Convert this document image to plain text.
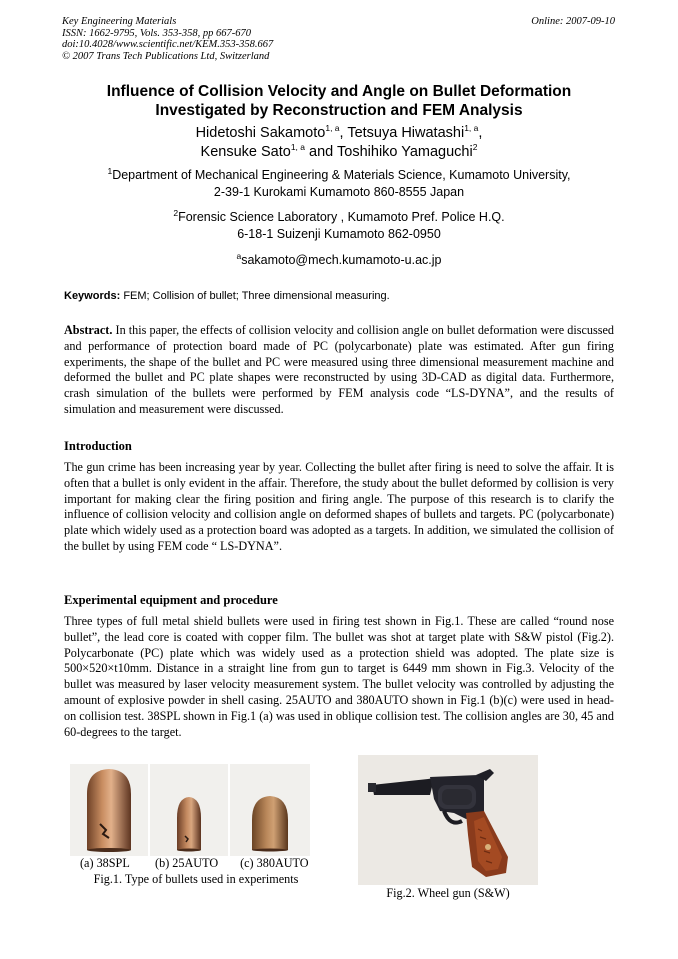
Key Engineering Materials
ISSN: 1662-9795, Vols. 353-358, pp 667-670
doi:10.4028/www.scientific.net/KEM.353-358.667
© 2007 Trans Tech Publications Ltd, Switzerland
Online: 2007-09-10
Influence of Collision Velocity and Angle on Bullet Deformation
Investigated by Reconstruction and FEM Analysis
Hidetoshi Sakamoto$^{1, a}$, Tetsuya Hiwatashi$^{1, a}$,
Kensuke Sato$^{1, a}$ and Toshihiko Yamaguchi$^2$
$^1$Department of Mechanical Engineering & Materials Science, Kumamoto University,
2-39-1 Kurokami Kumamoto 860-8555 Japan
$^2$Forensic Science Laboratory , Kumamoto Pref. Police H.Q.
6-18-1 Suizenji Kumamoto 862-0950
$^a$sakamoto@mech.kumamoto-u.ac.jp
Keywords: FEM; Collision of bullet; Three dimensional measuring.
Abstract. In this paper, the effects of collision velocity and collision angle on bullet deformation were discussed and performance of protection board made of PC (polycarbonate) plate was estimated. After gun firing experiments, the shape of the bullet and PC were measured using three dimensional measurement machine and deformed the bullet and PC plate shapes were reconstructed by using 3D-CAD as digital data. Furthermore, crash simulation of the bullets were performed by FEM analysis code “LS-DYNA”, and the results of simulation and measurement were discussed.
Introduction
The gun crime has been increasing year by year. Collecting the bullet after firing is need to solve the affair. It is often that a bullet is only evident in the affair. Therefore, the study about the bullet deformed by collision is very important for making clear the firing position and firing angle. The purpose of this research is to clarify the influence of collision velocity and collision angle on deformed shapes of bullets and targets. PC (polycarbonate) plate which widely used as a protection board was adopted as a targets. In addition, we simulated the collision of the bullet by using FEM code “ LS-DYNA”.
Experimental equipment and procedure
Three types of full metal shield bullets were used in firing test shown in Fig.1. These are called “round nose bullet”, the lead core is coated with copper film. The bullet was shot at target plate with S&W pistol (Fig.2). Polycarbonate (PC) plate which was widely used as a protection shield was adopted. The plate size is 500×520×t10mm. Distance in a straight line from gun to target is 6449 mm shown in Fig.3. Velocity of the bullet was measured by laser velocity measurement system. The bullet velocity was controlled by adjusting the amount of explosive powder in shell casing. 25AUTO and 380AUTO shown in Fig.1 (b)(c) were used in head-on collision test. 38SPL shown in Fig.1 (a) was used in oblique collision test. The collision angles are 30, 45 and 60-degrees to the target.
(a) 38SPL (b) 25AUTO (c) 380AUTO
Fig.1. Type of bullets used in experiments
Fig.2. Wheel gun (S&W)
